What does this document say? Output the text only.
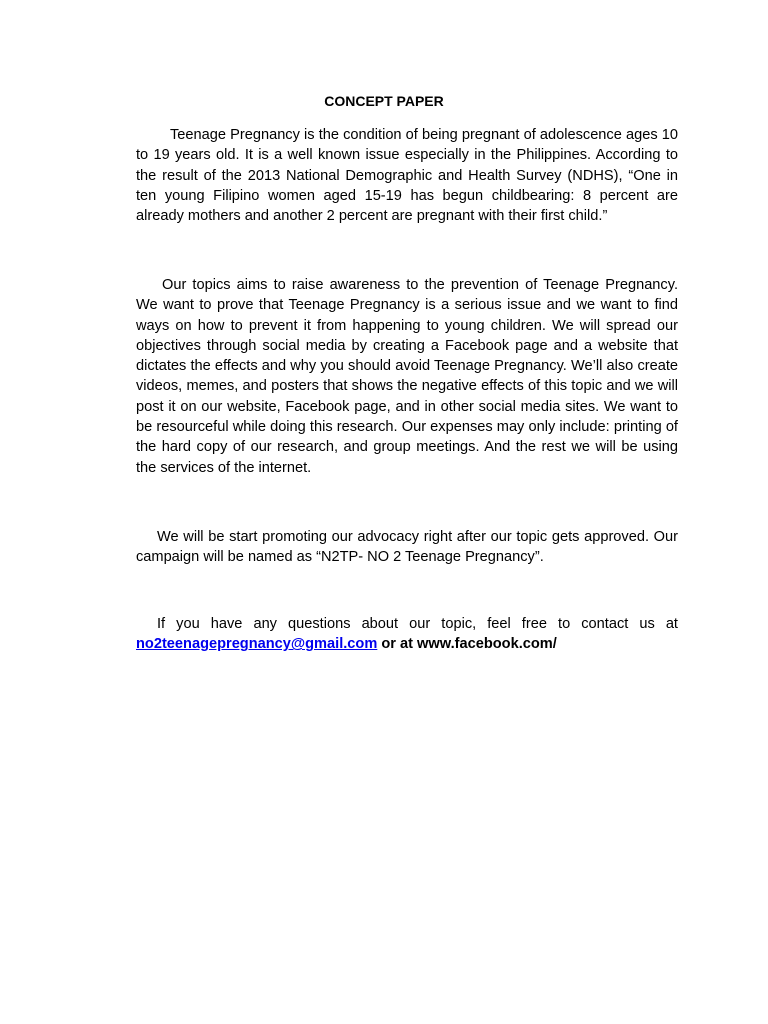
CONCEPT PAPER

Teenage Pregnancy is the condition of being pregnant of adolescence ages 10 to 19 years old. It is a well known issue especially in the Philippines. According to the result of the 2013 National Demographic and Health Survey (NDHS), “One in ten young Filipino women aged 15-19 has begun childbearing: 8 percent are already mothers and another 2 percent are pregnant with their first child.”

Our topics aims to raise awareness to the prevention of Teenage Pregnancy. We want to prove that Teenage Pregnancy is a serious issue and we want to find ways on how to prevent it from happening to young children. We will spread our objectives through social media by creating a Facebook page and a website that dictates the effects and why you should avoid Teenage Pregnancy. We’ll also create videos, memes, and posters that shows the negative effects of this topic and we will post it on our website, Facebook page, and in other social media sites. We want to be resourceful while doing this research. Our expenses may only include: printing of the hard copy of our research, and group meetings. And the rest we will be using the services of the internet.

We will be start promoting our advocacy right after our topic gets approved. Our campaign will be named as “N2TP- NO 2 Teenage Pregnancy”.

If you have any questions about our topic, feel free to contact us at no2teenagepregnancy@gmail.com or at www.facebook.com/
